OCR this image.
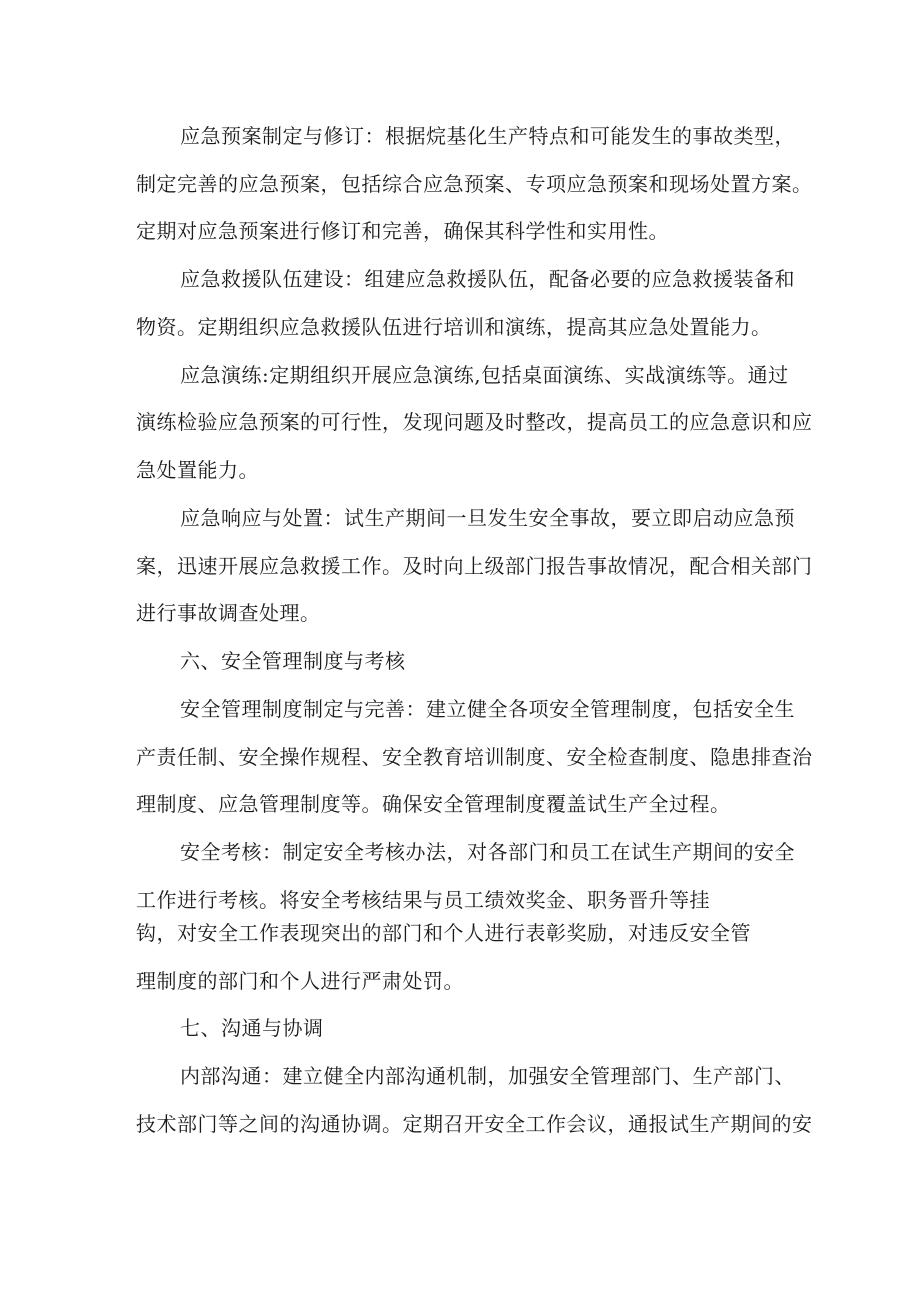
应急预案制定与修订：根据烷基化生产特点和可能发生的事故类型，
制定完善的应急预案，包括综合应急预案、专项应急预案和现场处置方案。
定期对应急预案进行修订和完善，确保其科学性和实用性。
应急救援队伍建设：组建应急救援队伍，配备必要的应急救援装备和
物资。定期组织应急救援队伍进行培训和演练，提高其应急处置能力。
应急演练:定期组织开展应急演练,包括桌面演练、实战演练等。通过
演练检验应急预案的可行性，发现问题及时整改，提高员工的应急意识和应
急处置能力。
应急响应与处置：试生产期间一旦发生安全事故，要立即启动应急预
案，迅速开展应急救援工作。及时向上级部门报告事故情况，配合相关部门
进行事故调查处理。
六、安全管理制度与考核
安全管理制度制定与完善：建立健全各项安全管理制度，包括安全生
产责任制、安全操作规程、安全教育培训制度、安全检查制度、隐患排查治
理制度、应急管理制度等。确保安全管理制度覆盖试生产全过程。
安全考核：制定安全考核办法，对各部门和员工在试生产期间的安全
工作进行考核。将安全考核结果与员工绩效奖金、职务晋升等挂
钩，对安全工作表现突出的部门和个人进行表彰奖励，对违反安全管
理制度的部门和个人进行严肃处罚。
七、沟通与协调
内部沟通：建立健全内部沟通机制，加强安全管理部门、生产部门、
技术部门等之间的沟通协调。定期召开安全工作会议，通报试生产期间的安
